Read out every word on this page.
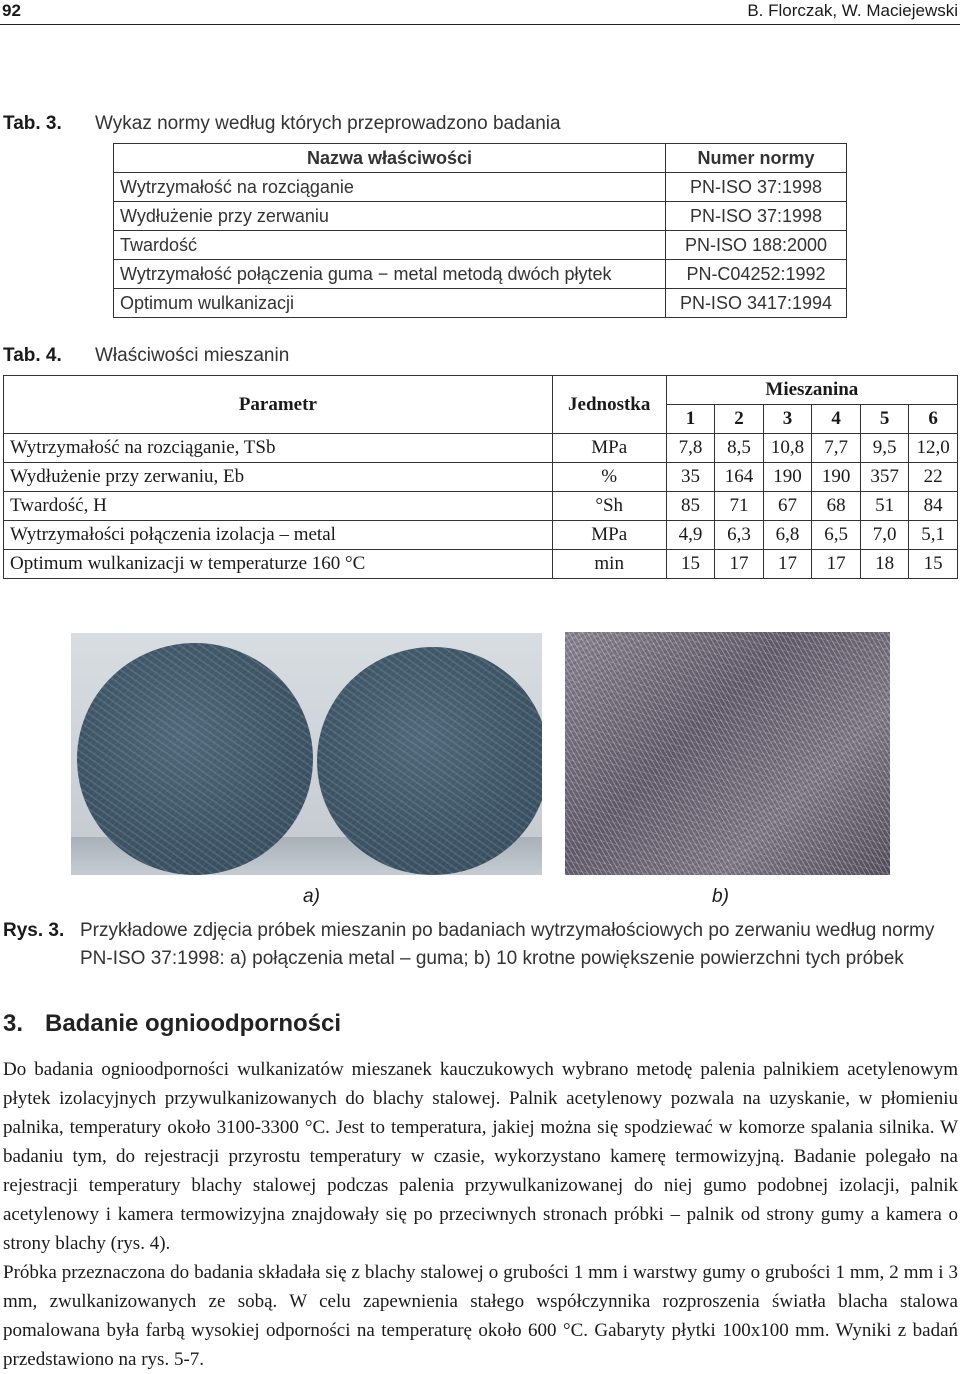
92	B. Florczak, W. Maciejewski
Tab. 3. Wykaz normy według których przeprowadzono badania
Nazwa właściwości	Numer normy
Wytrzymałość na rozciąganie	PN-ISO 37:1998
Wydłużenie przy zerwaniu	PN-ISO 37:1998
Twardość	PN-ISO 188:2000
Wytrzymałość połączenia guma − metal metodą dwóch płytek	PN-C04252:1992
Optimum wulkanizacji	PN-ISO 3417:1994
Tab. 4. Właściwości mieszanin
Parametr	Jednostka	Mieszanina					
		1	2	3	4	5	6
Wytrzymałość na rozciąganie, TSb	MPa	7,8	8,5	10,8	7,7	9,5	12,0
Wydłużenie przy zerwaniu, Eb	%	35	164	190	190	357	22
Twardość, H	°Sh	85	71	67	68	51	84
Wytrzymałości połączenia izolacja – metal	MPa	4,9	6,3	6,8	6,5	7,0	5,1
Optimum wulkanizacji w temperaturze 160 °C	min	15	17	17	17	18	15
a)	b)
Rys. 3. Przykładowe zdjęcia próbek mieszanin po badaniach wytrzymałościowych po zerwaniu według normy
PN-ISO 37:1998: a) połączenia metal – guma; b) 10 krotne powiększenie powierzchni tych próbek
3. Badanie ognioodporności

Do badania ognioodporności wulkanizatów mieszanek kauczukowych wybrano metodę palenia palnikiem acetylenowym płytek izolacyjnych przywulkanizowanych do blachy stalowej. Palnik acetylenowy pozwala na uzyskanie, w płomieniu palnika, temperatury około 3100-3300 °C. Jest to temperatura, jakiej można się spodziewać w komorze spalania silnika. W badaniu tym, do rejestracji przyrostu temperatury w czasie, wykorzystano kamerę termowizyjną. Badanie polegało na rejestracji temperatury blachy stalowej podczas palenia przywulkanizowanej do niej gumo podobnej izolacji, palnik acetylenowy i kamera termowizyjna znajdowały się po przeciwnych stronach próbki – palnik od strony gumy a kamera o strony blachy (rys. 4).

Próbka przeznaczona do badania składała się z blachy stalowej o grubości 1 mm i warstwy gumy o grubości 1 mm, 2 mm i 3 mm, zwulkanizowanych ze sobą. W celu zapewnienia stałego współczynnika rozproszenia światła blacha stalowa pomalowana była farbą wysokiej odporności na temperaturę około 600 °C. Gabaryty płytki 100x100 mm. Wyniki z badań przedstawiono na rys. 5-7.
